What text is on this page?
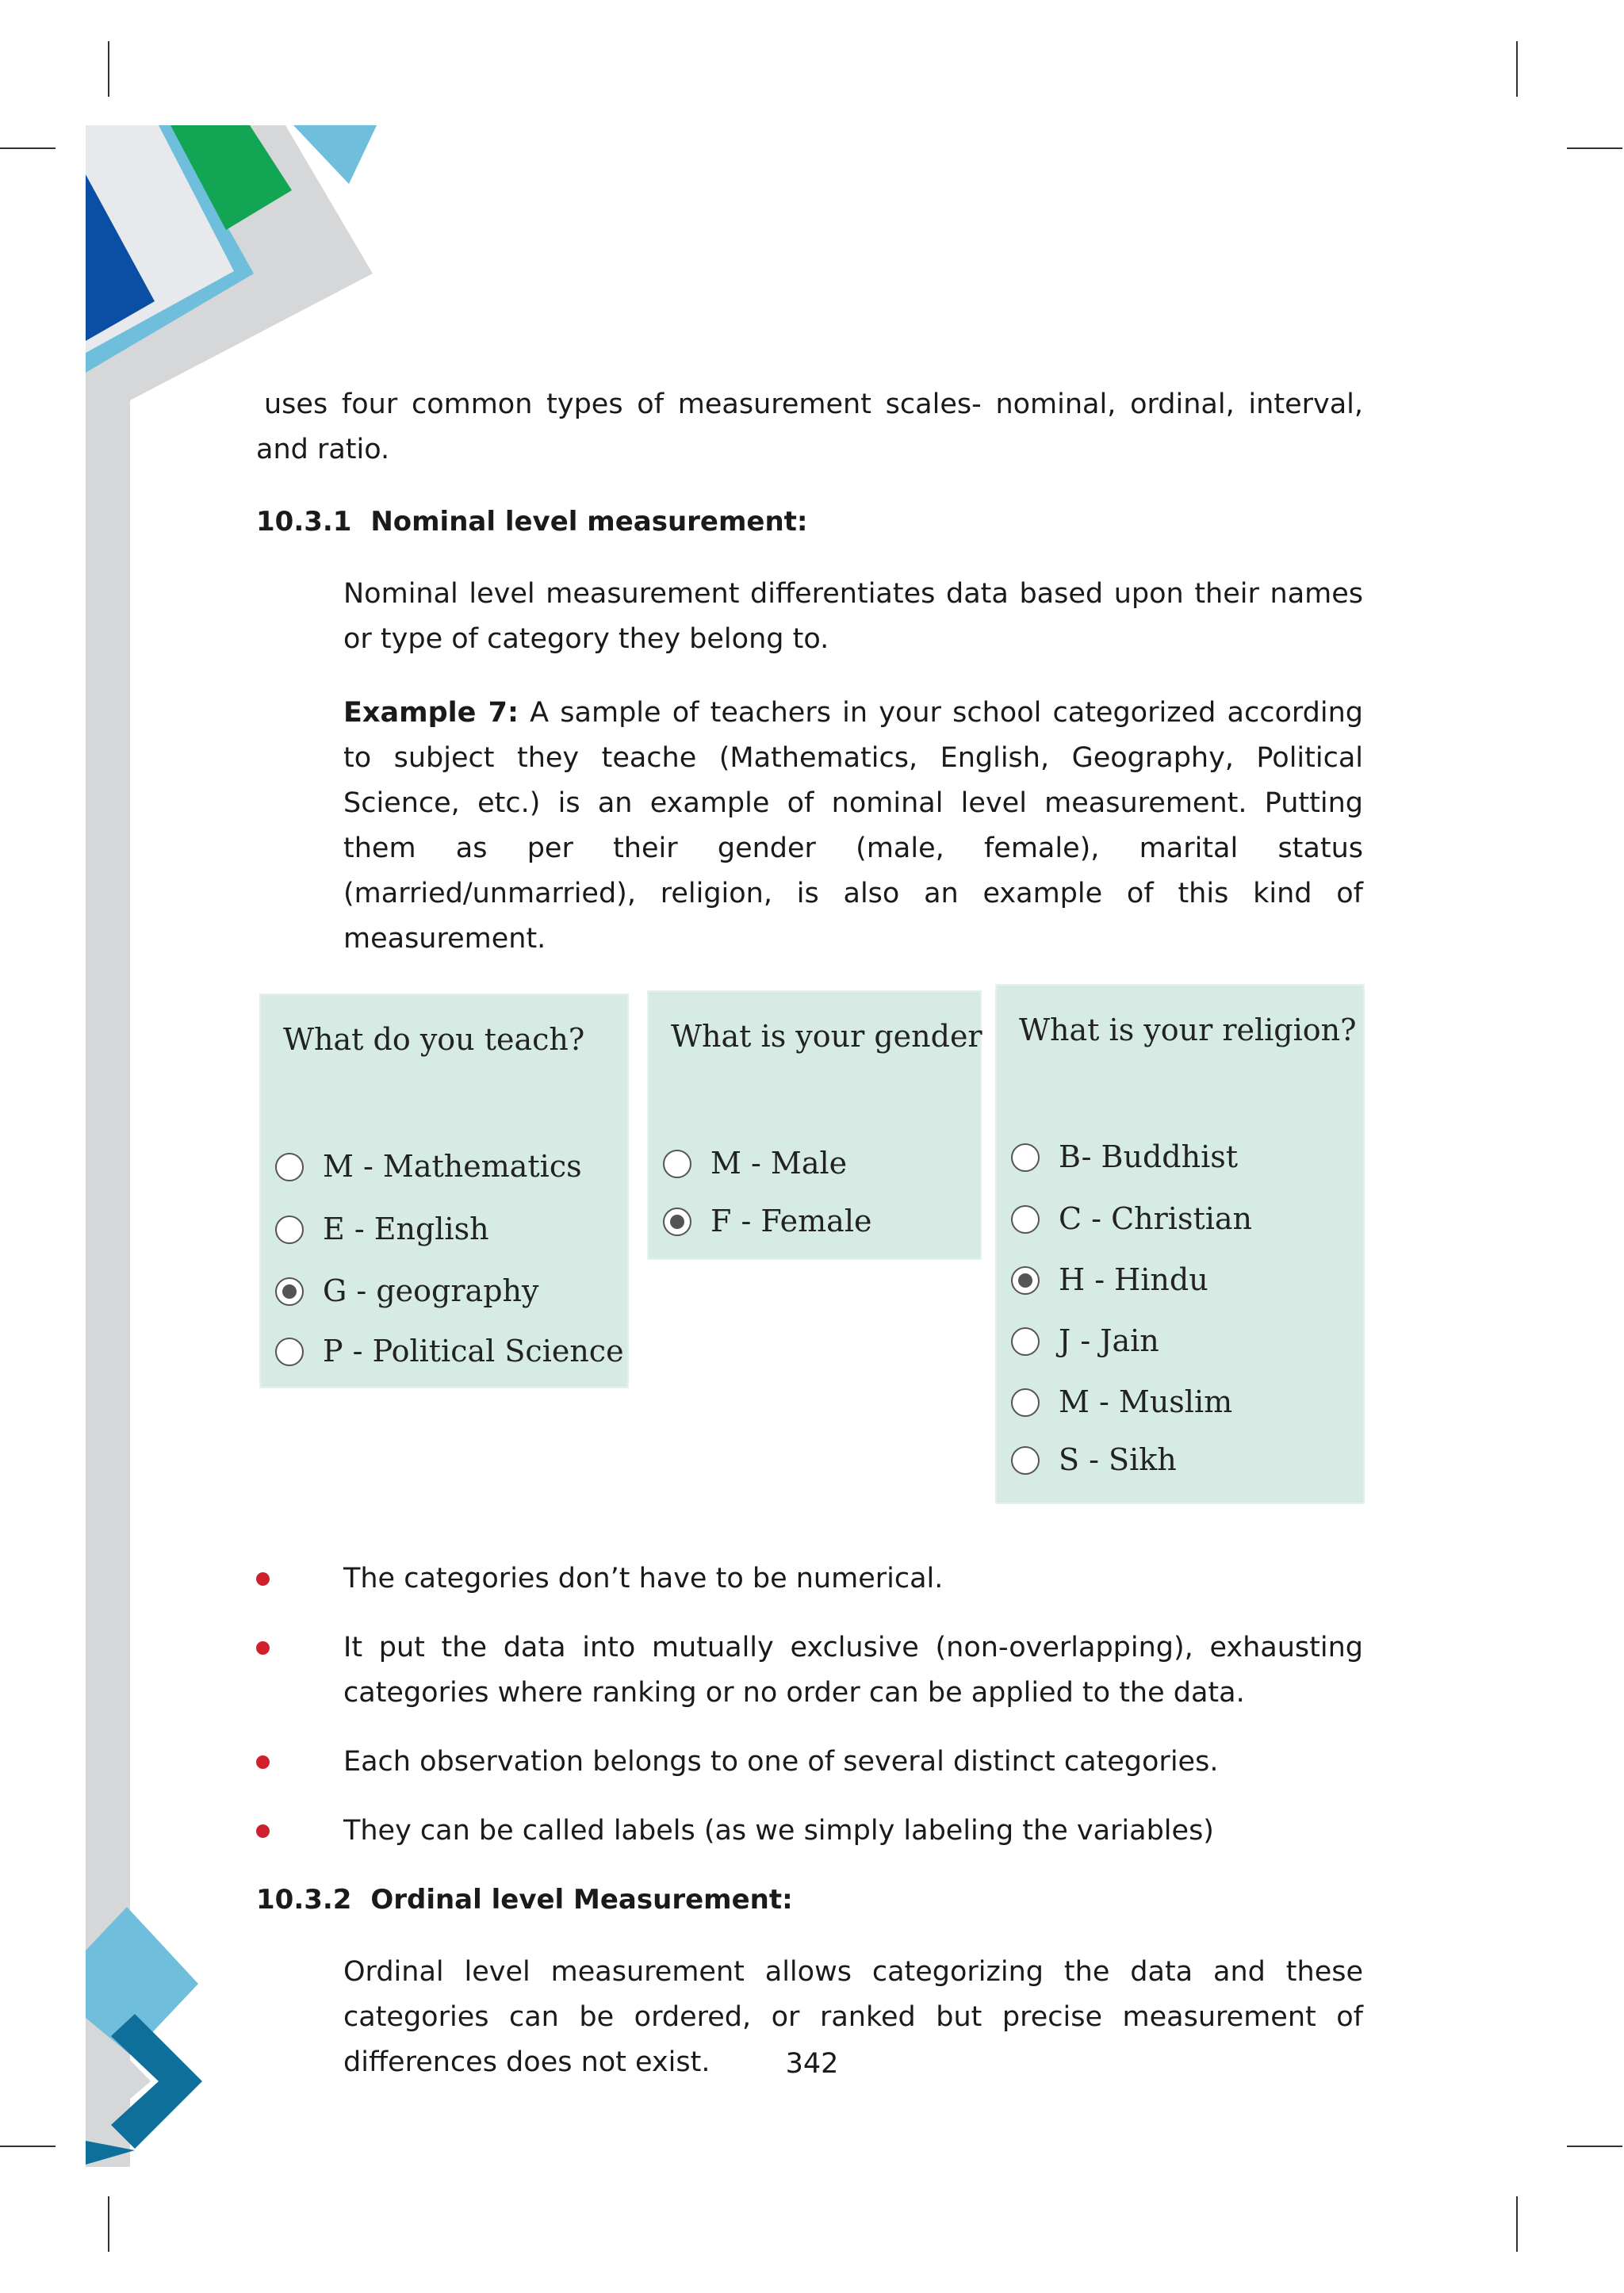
uses four common types of measurement scales- nominal, ordinal, interval, and ratio.

10.3.1 Nominal level measurement:

Nominal level measurement differentiates data based upon their names or type of category they belong to.

Example 7: A sample of teachers in your school categorized according to subject they teache (Mathematics, English, Geography, Political Science, etc.) is an example of nominal level measurement. Putting them as per their gender (male, female), marital status (married/unmarried), religion, is also an example of this kind of measurement.

What do you teach?
M - Mathematics
E - English
G - geography
P - Political Science
What is your gender
M - Male
F - Female
What is your religion?
B- Buddhist
C - Christian
H - Hindu
J - Jain
M - Muslim
S - Sikh
The categories don’t have to be numerical.
It put the data into mutually exclusive (non-overlapping), exhausting categories where ranking or no order can be applied to the data.
Each observation belongs to one of several distinct categories.
They can be called labels (as we simply labeling the variables)
10.3.2 Ordinal level Measurement:

Ordinal level measurement allows categorizing the data and these categories can be ordered, or ranked but precise measurement of differences does not exist.	342
